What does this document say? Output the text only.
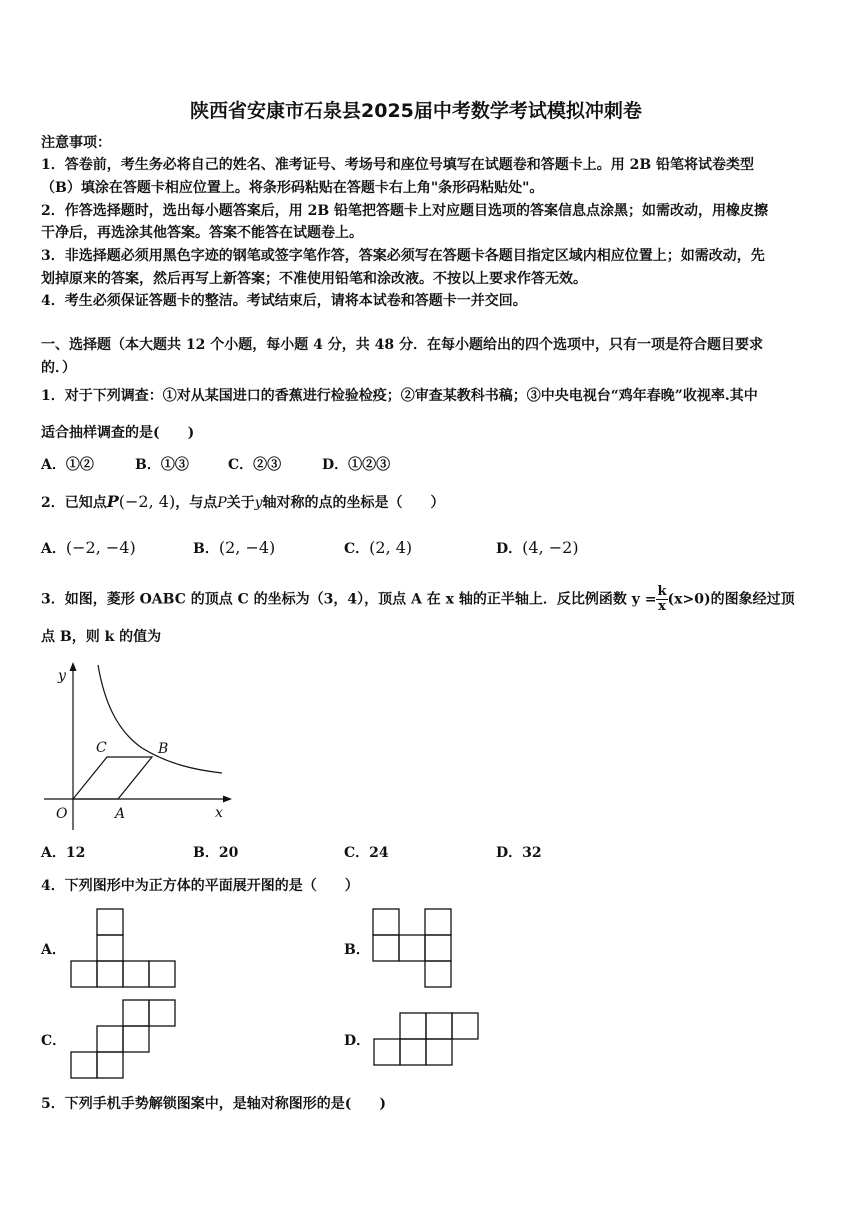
陕西省安康市石泉县2025届中考数学考试模拟冲刺卷
注意事项：
1．答卷前，考生务必将自己的姓名、准考证号、考场号和座位号填写在试题卷和答题卡上。用 2B 铅笔将试卷类型
（B）填涂在答题卡相应位置上。将条形码粘贴在答题卡右上角"条形码粘贴处"。
2．作答选择题时，选出每小题答案后，用 2B 铅笔把答题卡上对应题目选项的答案信息点涂黑；如需改动，用橡皮擦
干净后，再选涂其他答案。答案不能答在试题卷上。
3．非选择题必须用黑色字迹的钢笔或签字笔作答，答案必须写在答题卡各题目指定区域内相应位置上；如需改动，先
划掉原来的答案，然后再写上新答案；不准使用铅笔和涂改液。不按以上要求作答无效。
4．考生必须保证答题卡的整洁。考试结束后，请将本试卷和答题卡一并交回。
一、选择题（本大题共 12 个小题，每小题 4 分，共 48 分．在每小题给出的四个选项中，只有一项是符合题目要求
的．）
1．对于下列调查：①对从某国进口的香蕉进行检验检疫；②审查某教科书稿；③中央电视台“鸡年春晚”收视率.其中
适合抽样调查的是(　　)
A．①②	B．①③	C．②③	D．①②③
2．已知点P(−2, 4)，与点P关于y轴对称的点的坐标是（　　）
A．(−2, −4)	B．(2, −4)	C．(2, 4)	D．(4, −2)
3．如图，菱形 OABC 的顶点 C 的坐标为（3，4），顶点 A 在 x 轴的正半轴上．反比例函数 $y = \frac{k}{x} (x>0)$的图象经过顶
点 B，则 k 的值为
y
C	B
O	A	x
A．12	B．20	C．24	D．32
4．下列图形中为正方体的平面展开图的是（　　）
A．	B．
C．	D．
5．下列手机手势解锁图案中，是轴对称图形的是(　　)
